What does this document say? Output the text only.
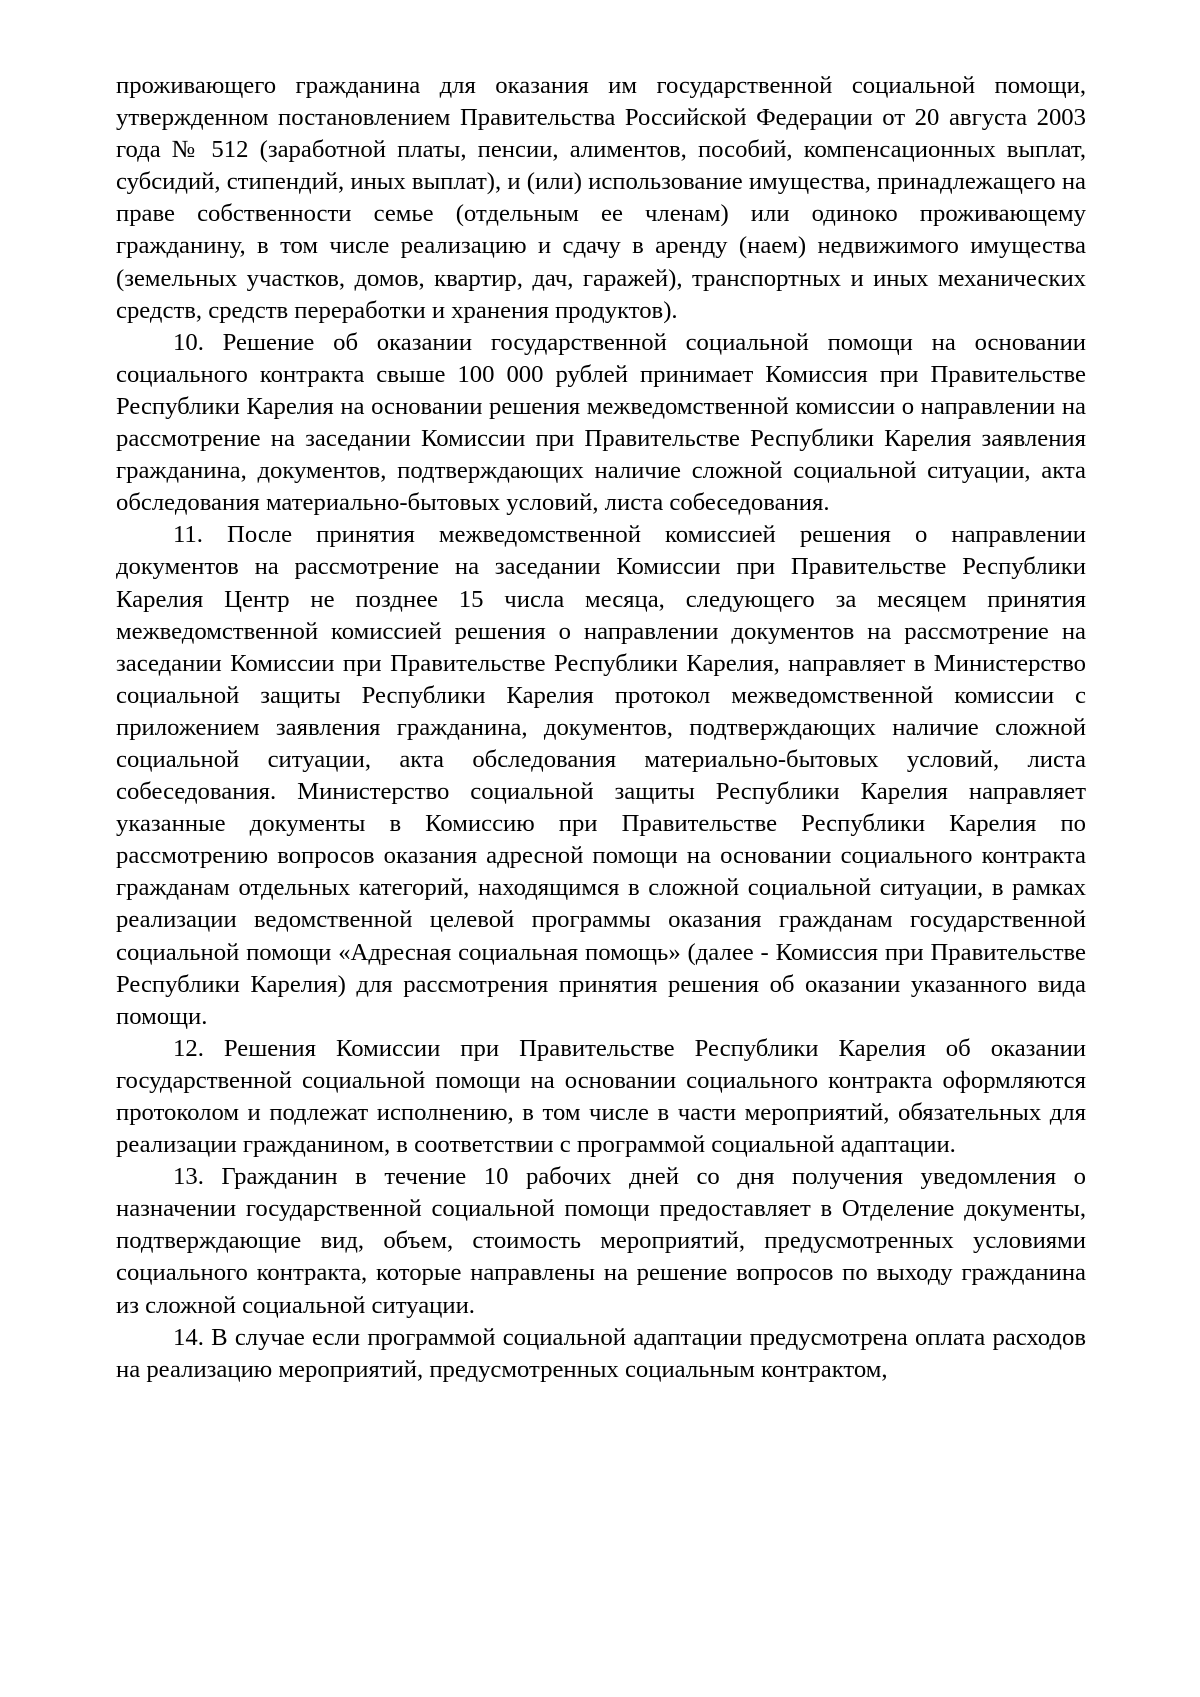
проживающего гражданина для оказания им государственной социальной помощи, утвержденном постановлением Правительства Российской Федерации от 20 августа 2003 года № 512 (заработной платы, пенсии, алиментов, пособий, компенсационных выплат, субсидий, стипендий, иных выплат), и (или) использование имущества, принадлежащего на праве собственности семье (отдельным ее членам) или одиноко проживающему гражданину, в том числе реализацию и сдачу в аренду (наем) недвижимого имущества (земельных участков, домов, квартир, дач, гаражей), транспортных и иных механических средств, средств переработки и хранения продуктов).

10. Решение об оказании государственной социальной помощи на основании социального контракта свыше 100 000 рублей принимает Комиссия при Правительстве Республики Карелия на основании решения межведомственной комиссии о направлении на рассмотрение на заседании Комиссии при Правительстве Республики Карелия заявления гражданина, документов, подтверждающих наличие сложной социальной ситуации, акта обследования материально-бытовых условий, листа собеседования.

11. После принятия межведомственной комиссией решения о направлении документов на рассмотрение на заседании Комиссии при Правительстве Республики Карелия Центр не позднее 15 числа месяца, следующего за месяцем принятия межведомственной комиссией решения о направлении документов на рассмотрение на заседании Комиссии при Правительстве Республики Карелия, направляет в Министерство социальной защиты Республики Карелия протокол межведомственной комиссии с приложением заявления гражданина, документов, подтверждающих наличие сложной социальной ситуации, акта обследования материально-бытовых условий, листа собеседования. Министерство социальной защиты Республики Карелия направляет указанные документы в Комиссию при Правительстве Республики Карелия по рассмотрению вопросов оказания адресной помощи на основании социального контракта гражданам отдельных категорий, находящимся в сложной социальной ситуации, в рамках реализации ведомственной целевой программы оказания гражданам государственной социальной помощи «Адресная социальная помощь» (далее - Комиссия при Правительстве Республики Карелия) для рассмотрения принятия решения об оказании указанного вида помощи.

12. Решения Комиссии при Правительстве Республики Карелия об оказании государственной социальной помощи на основании социального контракта оформляются протоколом и подлежат исполнению, в том числе в части мероприятий, обязательных для реализации гражданином, в соответствии с программой социальной адаптации.

13. Гражданин в течение 10 рабочих дней со дня получения уведомления о назначении государственной социальной помощи предоставляет в Отделение документы, подтверждающие вид, объем, стоимость мероприятий, предусмотренных условиями социального контракта, которые направлены на решение вопросов по выходу гражданина из сложной социальной ситуации.

14. В случае если программой социальной адаптации предусмотрена оплата расходов на реализацию мероприятий, предусмотренных социальным контрактом,
